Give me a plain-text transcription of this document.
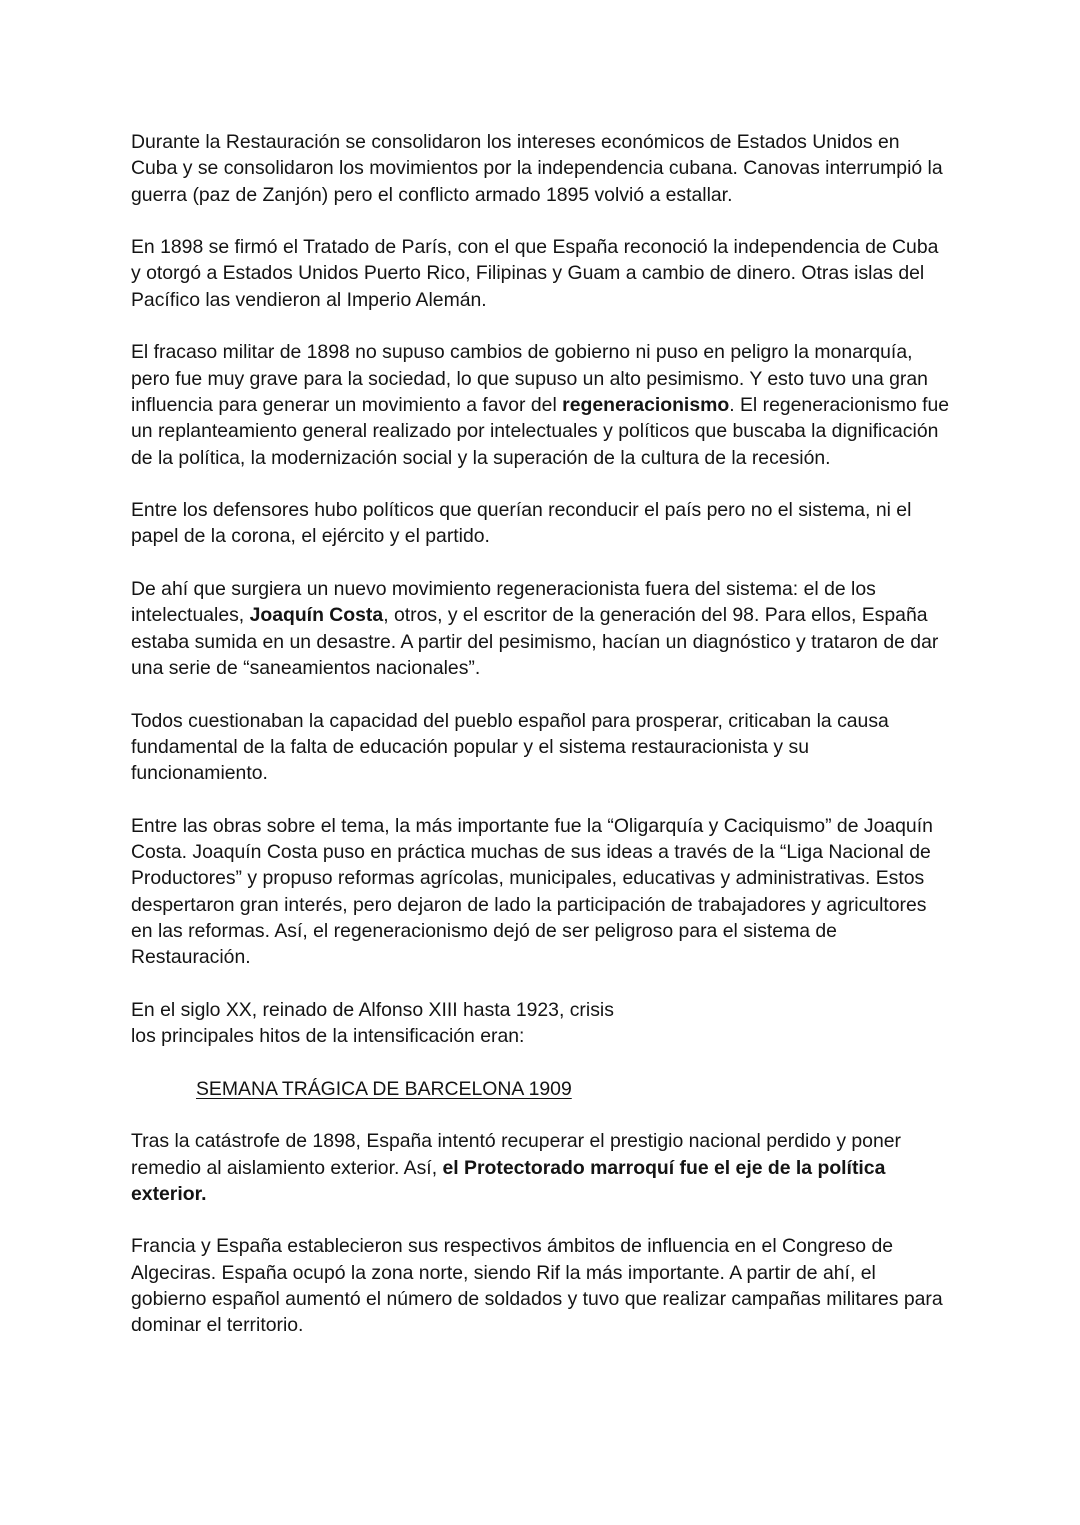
Durante la Restauración se consolidaron los intereses económicos de Estados Unidos en Cuba y se consolidaron los movimientos por la independencia cubana. Canovas interrumpió la guerra (paz de Zanjón) pero el conflicto armado 1895 volvió a estallar.

En 1898 se firmó el Tratado de París, con el que España reconoció la independencia de Cuba y otorgó a Estados Unidos Puerto Rico, Filipinas y Guam a cambio de dinero. Otras islas del Pacífico las vendieron al Imperio Alemán.

El fracaso militar de 1898 no supuso cambios de gobierno ni puso en peligro la monarquía, pero fue muy grave para la sociedad, lo que supuso un alto pesimismo. Y esto tuvo una gran influencia para generar un movimiento a favor del regeneracionismo. El regeneracionismo fue un replanteamiento general realizado por intelectuales y políticos que buscaba la dignificación de la política, la modernización social y la superación de la cultura de la recesión.

Entre los defensores hubo políticos que querían reconducir el país pero no el sistema, ni el papel de la corona, el ejército y el partido.

De ahí que surgiera un nuevo movimiento regeneracionista fuera del sistema: el de los intelectuales, Joaquín Costa, otros, y el escritor de la generación del 98. Para ellos, España estaba sumida en un desastre. A partir del pesimismo, hacían un diagnóstico y trataron de dar una serie de “saneamientos nacionales”.

Todos cuestionaban la capacidad del pueblo español para prosperar, criticaban la causa fundamental de la falta de educación popular y el sistema restauracionista y su funcionamiento.

Entre las obras sobre el tema, la más importante fue la “Oligarquía y Caciquismo” de Joaquín Costa. Joaquín Costa puso en práctica muchas de sus ideas a través de la “Liga Nacional de Productores” y propuso reformas agrícolas, municipales, educativas y administrativas. Estos despertaron gran interés, pero dejaron de lado la participación de trabajadores y agricultores en las reformas. Así, el regeneracionismo dejó de ser peligroso para el sistema de Restauración.

En el siglo XX, reinado de Alfonso XIII hasta 1923, crisis
los principales hitos de la intensificación eran:

SEMANA TRÁGICA DE BARCELONA 1909

Tras la catástrofe de 1898, España intentó recuperar el prestigio nacional perdido y poner remedio al aislamiento exterior. Así, el Protectorado marroquí fue el eje de la política exterior.

Francia y España establecieron sus respectivos ámbitos de influencia en el Congreso de Algeciras. España ocupó la zona norte, siendo Rif la más importante. A partir de ahí, el gobierno español aumentó el número de soldados y tuvo que realizar campañas militares para dominar el territorio.
